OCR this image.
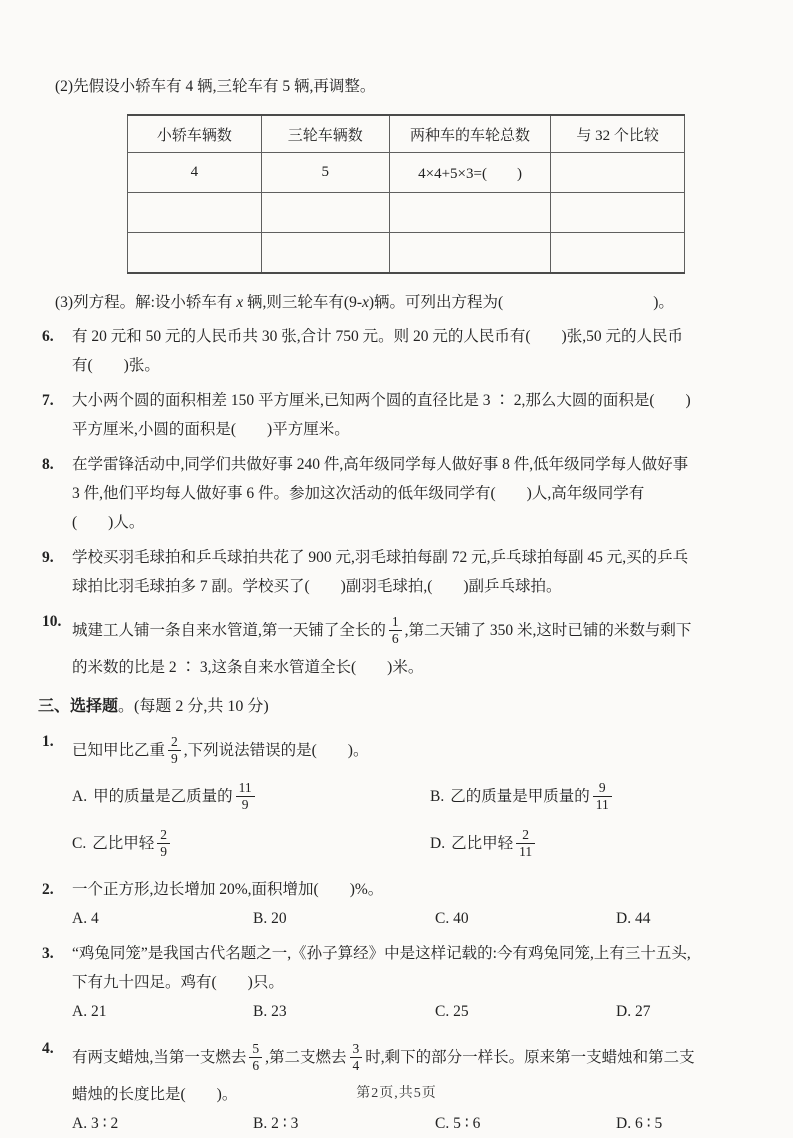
(2)先假设小轿车有 4 辆,三轮车有 5 辆,再调整。
小轿车辆数	三轮车辆数	两种车的车轮总数	与 32 个比较
4	5	4×4+5×3=(　　)	

(3)列方程。解:设小轿车有 x 辆,则三轮车有(9-x)辆。可列出方程为(	)。
6. 有 20 元和 50 元的人民币共 30 张,合计 750 元。则 20 元的人民币有(　　)张,50 元的人民币
有(　　)张。
7. 大小两个圆的面积相差 150 平方厘米,已知两个圆的直径比是 3 ∶ 2,那么大圆的面积是(　　)
平方厘米,小圆的面积是(　　)平方厘米。
8. 在学雷锋活动中,同学们共做好事 240 件,高年级同学每人做好事 8 件,低年级同学每人做好事
3 件,他们平均每人做好事 6 件。参加这次活动的低年级同学有(　　)人,高年级同学有
(　　)人。
9. 学校买羽毛球拍和乒乓球拍共花了 900 元,羽毛球拍每副 72 元,乒乓球拍每副 45 元,买的乒乓
球拍比羽毛球拍多 7 副。学校买了(　　)副羽毛球拍,(　　)副乒乓球拍。
10. 城建工人铺一条自来水管道,第一天铺了全长的 $\frac{1}{6}$ ,第二天铺了 350 米,这时已铺的米数与剩下
的米数的比是 2 ∶ 3,这条自来水管道全长(　　)米。
三、选择题。(每题 2 分,共 10 分)
1. 已知甲比乙重 $\frac{2}{9}$ ,下列说法错误的是(　　)。
A. 甲的质量是乙质量的 $\frac{11}{9}$	B. 乙的质量是甲质量的 $\frac{9}{11}$
C. 乙比甲轻 $\frac{2}{9}$	D. 乙比甲轻 $\frac{2}{11}$
2. 一个正方形,边长增加 20%,面积增加(　　)%。
A. 4	B. 20	C. 40	D. 44
3. “鸡兔同笼”是我国古代名题之一,《孙子算经》中是这样记载的:今有鸡兔同笼,上有三十五头,
下有九十四足。鸡有(　　)只。
A. 21	B. 23	C. 25	D. 27
4. 有两支蜡烛,当第一支燃去 $\frac{5}{6}$ ,第二支燃去 $\frac{3}{4}$ 时,剩下的部分一样长。原来第一支蜡烛和第二支
蜡烛的长度比是(　　)。
A. 3 ∶ 2	B. 2 ∶ 3	C. 5 ∶ 6	D. 6 ∶ 5
第2页,共5页
